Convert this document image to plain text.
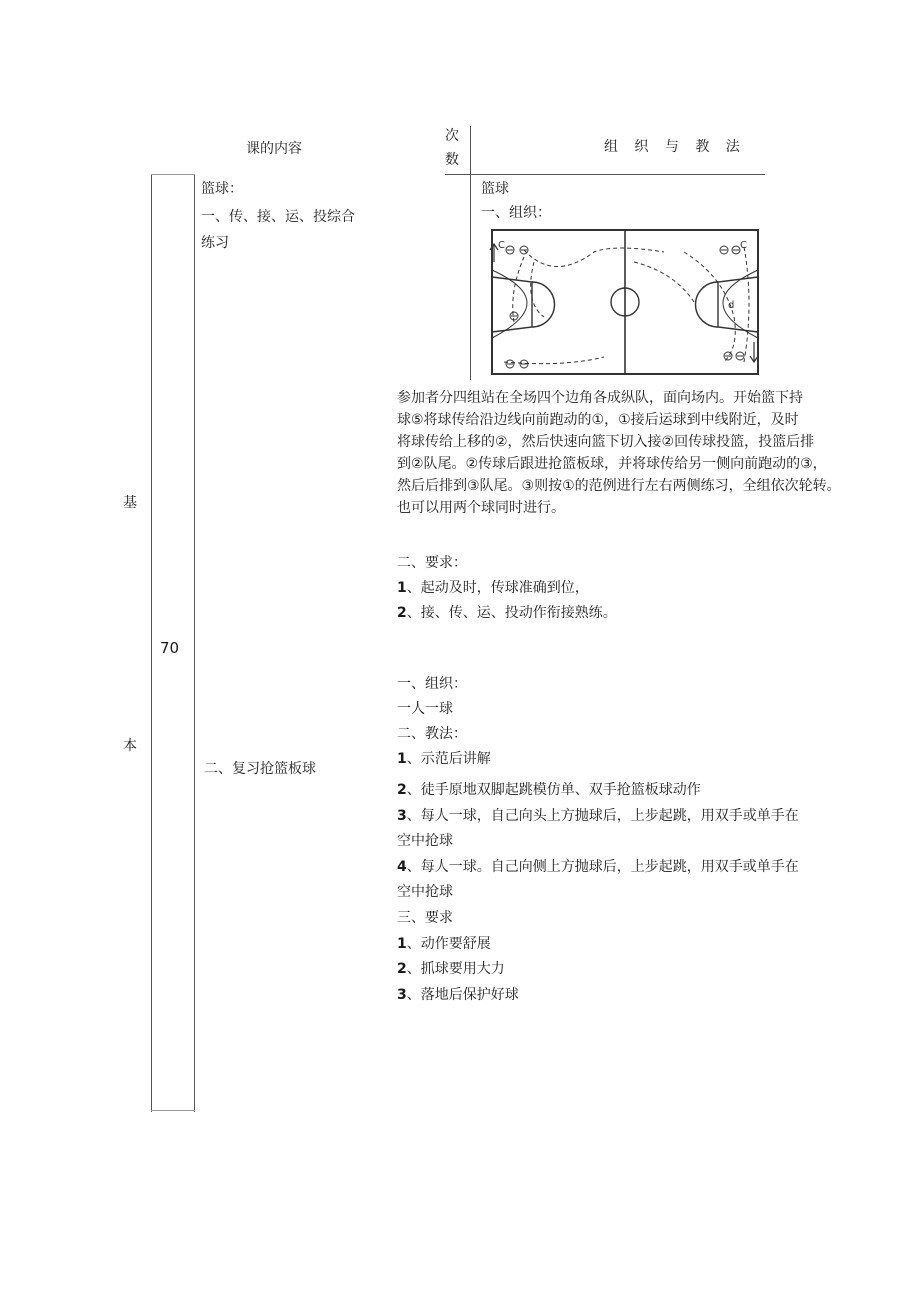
课的内容
次
数
组 织 与 教 法
基
本
70
篮球：
一、传、接、运、投综合
练习
二、复习抢篮板球
篮球
一、组织：
C	C
d
参加者分四组站在全场四个边角各成纵队，面向场内。开始篮下持
球⑤将球传给沿边线向前跑动的①，①接后运球到中线附近，及时
将球传给上移的②，然后快速向篮下切入接②回传球投篮，投篮后排
到②队尾。②传球后跟进抢篮板球，并将球传给另一侧向前跑动的③，
然后后排到③队尾。③则按①的范例进行左右两侧练习，全组依次轮转。
也可以用两个球同时进行。
二、要求：
1、起动及时，传球准确到位，
2、接、传、运、投动作衔接熟练。
一、组织：
一人一球
二、教法：
1、示范后讲解
2、徒手原地双脚起跳模仿单、双手抢篮板球动作
3、每人一球，自己向头上方抛球后，上步起跳，用双手或单手在
空中抢球
4、每人一球。自己向侧上方抛球后，上步起跳，用双手或单手在
空中抢球
三、要求
1、动作要舒展
2、抓球要用大力
3、落地后保护好球
